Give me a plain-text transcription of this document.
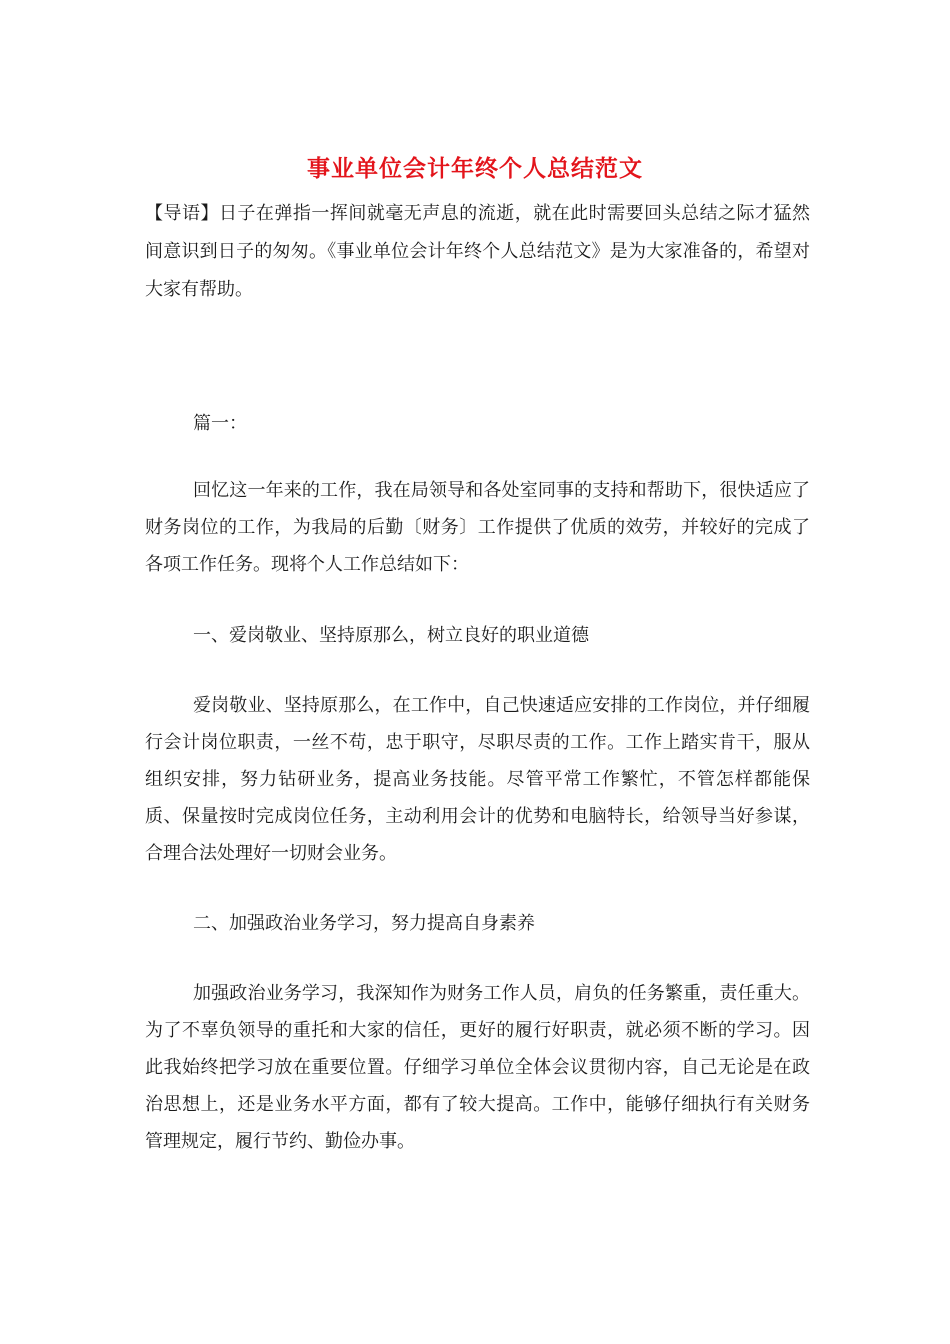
事业单位会计年终个人总结范文
【导语】日子在弹指一挥间就毫无声息的流逝，就在此时需要回头总结之际才猛然间意识到日子的匆匆。《事业单位会计年终个人总结范文》是为大家准备的，希望对大家有帮助。
篇一：
回忆这一年来的工作，我在局领导和各处室同事的支持和帮助下，很快适应了财务岗位的工作，为我局的后勤〔财务〕工作提供了优质的效劳，并较好的完成了各项工作任务。现将个人工作总结如下：
一、爱岗敬业、坚持原那么，树立良好的职业道德
爱岗敬业、坚持原那么，在工作中，自己快速适应安排的工作岗位，并仔细履行会计岗位职责，一丝不苟，忠于职守，尽职尽责的工作。工作上踏实肯干，服从组织安排，努力钻研业务，提高业务技能。尽管平常工作繁忙，不管怎样都能保质、保量按时完成岗位任务，主动利用会计的优势和电脑特长，给领导当好参谋，合理合法处理好一切财会业务。
二、加强政治业务学习，努力提高自身素养
加强政治业务学习，我深知作为财务工作人员，肩负的任务繁重，责任重大。为了不辜负领导的重托和大家的信任，更好的履行好职责，就必须不断的学习。因此我始终把学习放在重要位置。仔细学习单位全体会议贯彻内容，自己无论是在政治思想上，还是业务水平方面，都有了较大提高。工作中，能够仔细执行有关财务管理规定，履行节约、勤俭办事。
